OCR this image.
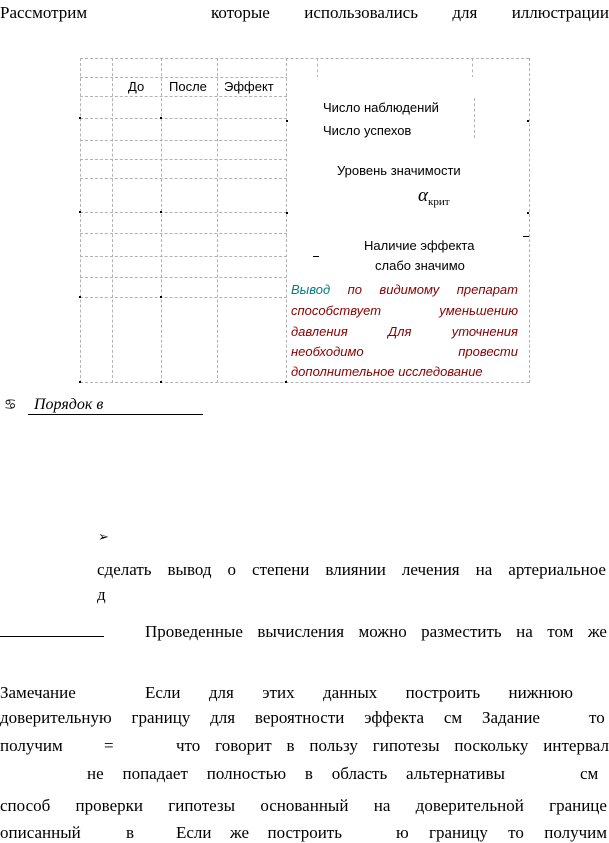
Рассмотрим	которые использовались для иллюстрации
До После Эффект
Число наблюдений
Число успехов
Уровень значимости
$\alpha_{крит}$
Наличие эффекта
слабо значимо
Вывод по видимому препарат
способствует	уменьшению
давления	Для	уточнения
необходимо	провести
дополнительное исследование
♋ Порядок в
➢
сделать вывод о степени влиянии лечения на артериальное
д
Проведенные вычисления можно разместить на том же
Замечание	Если для этих данных построить нижнюю
доверительную границу для вероятности эффекта см Задание	то
получим =	что говорит в пользу гипотезы поскольку интервал
не попадает полностью в область альтернативы	см
способ проверки гипотезы основанный на доверительной границе
описанный	в Если же построить	ю границу то получим
